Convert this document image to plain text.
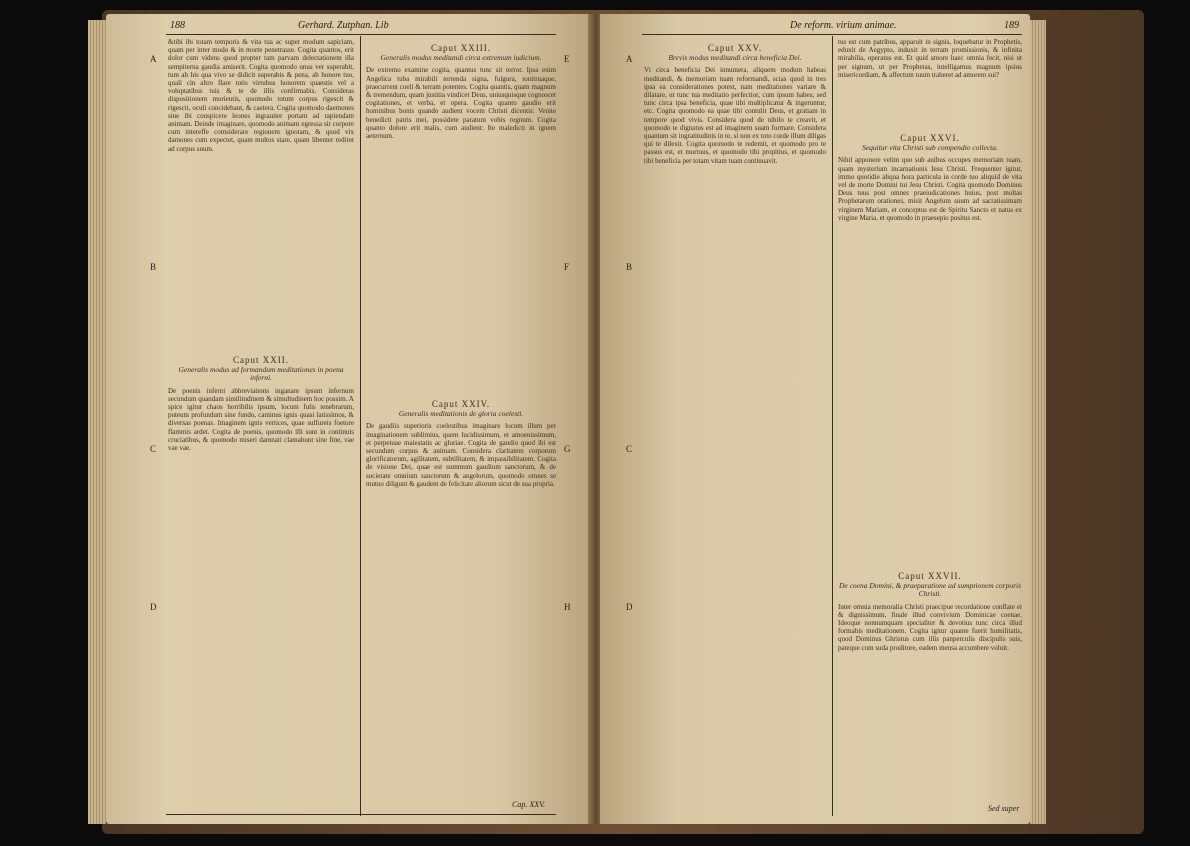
188	Gerhard. Zutphan. Lib
&tibi ibi totam temporis & vita tua ac super modum sapiciam, quam per inter modo & in morte penetrasse. Cogita quantos, erit dolor cum videns quod propter tam parvam delectationem illa sempiterna gaudia amiserit. Cogita quomodo unus ver superabit, tum ab his qua vivo se didicit superabis & pena, ab honore tuo, quali cin altro flare totis virtubus honorem quaestis vel a voluptatibus tuis & te de illis confirmabis. Consideras dispositionem morientis, quomodo totum corpus rigescit & rigescit, oculi concidebant, & caetera. Cogita quomodo daemones sine ibi conspicere leones ingrauiter portant ad rapiendam animam. Deinde imaginare, quomodo animam egressa sit corpore cum intereffe comsiderare regionem ignotam, & quod vix damones cum expectet, quam multos stare, quam libenter rediret ad corpus suum.
Caput XXII.
Generalis modus ad formandum meditationes in poena inferni.
De poenis inferni abbreviations inganare ipsum infernum secundum quandam similitudinem & simultudinem hoc possim. A spice igitur chaos horribilis ipsum, locum fulis tenebrarum, puteum profundum sine fundo, caminus ignis quasi latissimos, & diversas poenas. Imaginem ignis vertices, quae sulfureis foetore flammis ardet. Cogita de poenis, quomodo illi sunt in continuis cruciatibus, & quomodo miseri damnati clamabunt sine fine, vae vae vae.
Caput XXIII.
Generalis modus meditandi circa extremum iudicium.
De extremo examine cogita, quantus tunc sit terror. Ipsa enim Angelica tuba mirabili terrenda signa, fulgura, tonitruaque, praecurrent coeli & terram potentes. Cogita quantis, quam magnum & tremendum, quam justitia vindicet Deus, uniusquisque cognoscet cogitationes, et verba, et opera. Cogita quanto gaudio erit hominibus bonis quando audient vocem Christi dicentis: Venite benedicti patris mei, possidete paratum vobis regnum. Cogita quanto dolore erit malis, cum audient: Ite maledicti in ignem aeternum.
Caput XXIV.
Generalis meditationis de gloria coelesti.
De gaudiis superioris coelestibus imaginare locum illum per imaginationem sublimius, quem lucidissimum, et amoenissimum, et perpetuae maiestatis ac gloriae. Cogita de gaudio quod ibi est secundum corpus & animam. Considera claritatem corporum glorificatorum, agilitatem, subtilitatem, & impassibilitatem. Cogita de visione Dei, quae est summum gaudium sanctorum, & de societate omnium sanctorum & angelorum, quomodo omnes se mutuo diligunt & gaudent de felicitate aliorum sicut de sua propria.
Cap. XXV.
A
B
C
D
E
F
G
H
De reform. virium animae.	189
Caput XXV.
Brevis modus meditandi circa beneficia Dei.
Vt circa beneficia Dei innumera, aliquem modum habeas meditandi, & memoriam tuam reformandi, scias quod in tres ipsa ea considerationes potest, nam meditationes variare & dilatare, ut tunc tua meditatio perfectior, cum ipsum habes; sed tunc circa ipsa beneficia, quae tibi multiplicatur & ingeruntur, etc. Cogita quomodo ea quae tibi contulit Deus, et gratiam in tempore quod vivis. Considera quod de nihilo te creavit, et quomodo te dignatus est ad imaginem suam formare. Considera quantum sit ingratitudinis in te, si non ex toto corde illum diligas qui te dilexit. Cogita quomodo te redemit, et quomodo pro te passus est, et mortuus, et quomodo tibi propitius, et quomodo tibi beneficia per totam vitam tuam continuavit.
tus est cum patribus, apparuit in signis, loquebatur in Prophetis, eduxit de Aegypto, induxit in terram promissionis, & infinita mirabilia, operatus est. Et quid amore haec omnia fecit, nisi ut per signum, ut per Prophetas, intelligamus magnum ipsius misericordiam, & affectum tuum traheret ad amorem sui?
Caput XXVI.
Sequitur vita Christi sub compendio collecta.
Nihil apponere velim quo sub auibus occupes memoriam tuam, quam mysterium incarnationis Iesu Christi. Frequenter igitur, immo quotidie aliqua hora particula in corde tuo aliquid de vita vel de morte Domini tui Jesu Christi. Cogita quomodo Dominus Deus tuus post omnes praeiudicationes huius, post multas Prophetarum orationes, misit Angelum suum ad sacratissimam virginem Mariam, et conceptus est de Spiritu Sancto et natus ex virgine Maria, et quomodo in praesepio positus est.
Caput XXVII.
De coena Domini, & praeparatione ad sumptionem corporis Christi.
Inter omnia memoralia Christi praecipue recordatione conflate ei & dignissimum, finale illud convivium Dominicae coenae. Ideoque nonnumquam specialiter & devotius tunc circa illud formabis meditationem. Cogita igitur quante fuerit humilitatis, quod Dominus Ghristus cum illis panperculis discipulis suis, pateque cum suda proditore, eadem mensa accumbere voluit.
Sed super
A
B
C
D
